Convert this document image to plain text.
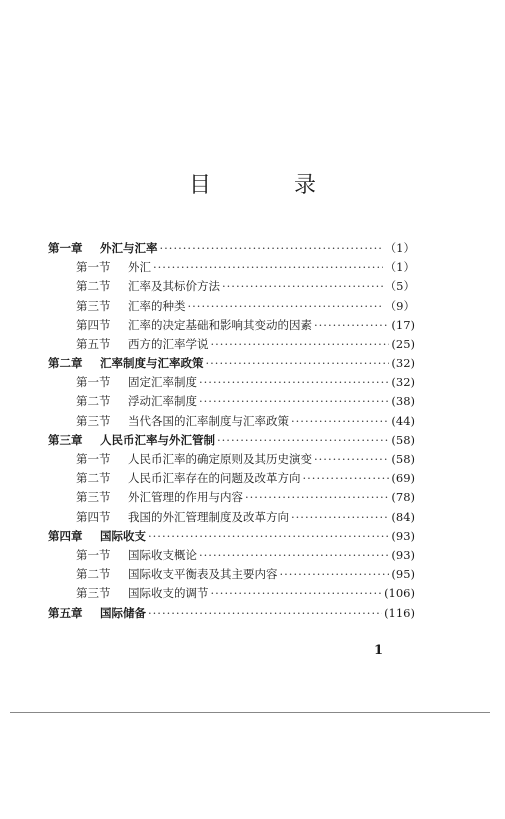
目 录
第一章	外汇与汇率 ·····	（1）
第一节	外汇 ·····	（1）
第二节	汇率及其标价方法 ·····	（5）
第三节	汇率的种类 ·····	（9）
第四节	汇率的决定基础和影响其变动的因素 ·····	(17)
第五节	西方的汇率学说 ·····	(25)
第二章	汇率制度与汇率政策 ·····	(32)
第一节	固定汇率制度 ·····	(32)
第二节	浮动汇率制度 ·····	(38)
第三节	当代各国的汇率制度与汇率政策 ·····	(44)
第三章	人民币汇率与外汇管制 ·····	(58)
第一节	人民币汇率的确定原则及其历史演变 ·····	(58)
第二节	人民币汇率存在的问题及改革方向 ·····	(69)
第三节	外汇管理的作用与内容 ·····	(78)
第四节	我国的外汇管理制度及改革方向 ·····	(84)
第四章	国际收支 ·····	(93)
第一节	国际收支概论 ·····	(93)
第二节	国际收支平衡表及其主要内容 ·····	(95)
第三节	国际收支的调节 ·····	(106)
第五章	国际储备 ·····	(116)
1
